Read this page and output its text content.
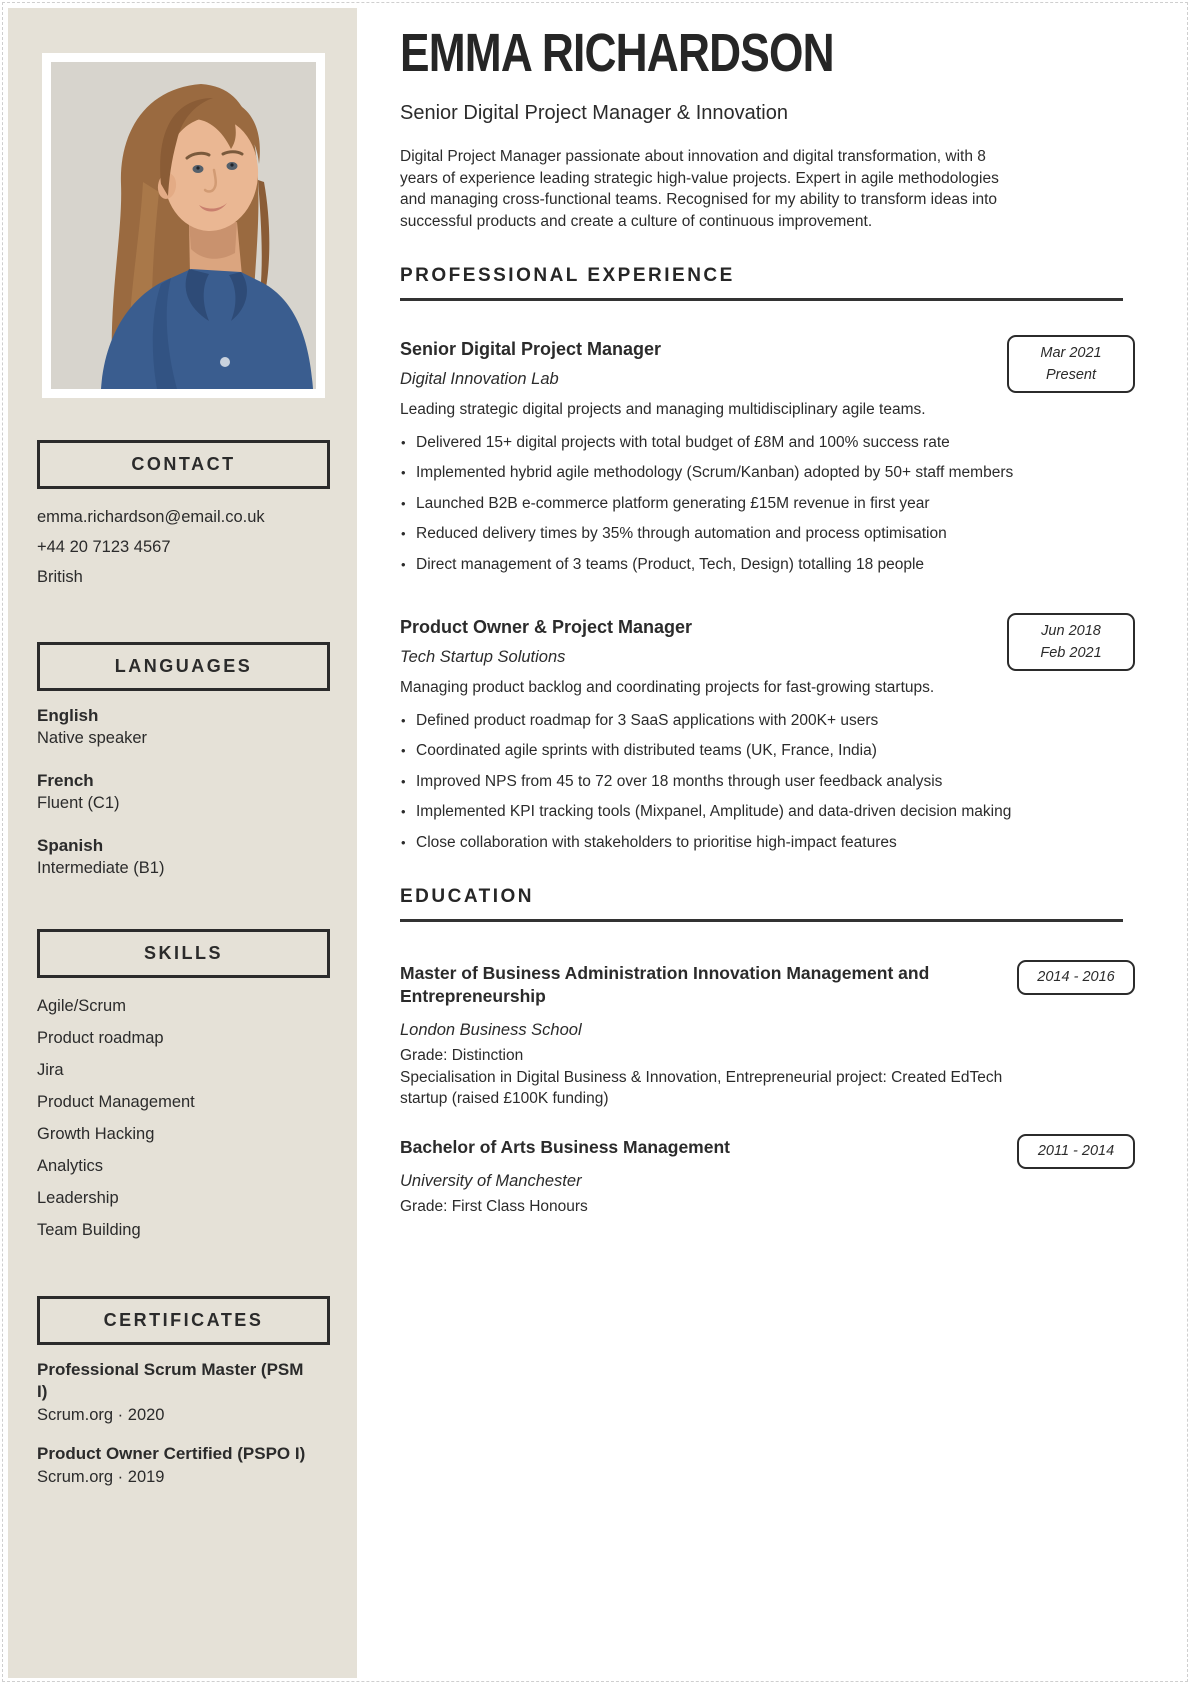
CONTACT
emma.richardson@email.co.uk
+44 20 7123 4567
British
LANGUAGES
English
Native speaker
French
Fluent (C1)
Spanish
Intermediate (B1)
SKILLS
Agile/Scrum
Product roadmap
Jira
Product Management
Growth Hacking
Analytics
Leadership
Team Building
CERTIFICATES
Professional Scrum Master (PSM I)
Scrum.org · 2020
Product Owner Certified (PSPO I)
Scrum.org · 2019
EMMA RICHARDSON
Senior Digital Project Manager & Innovation

Digital Project Manager passionate about innovation and digital transformation, with 8 years of experience leading strategic high-value projects. Expert in agile methodologies and managing cross-functional teams. Recognised for my ability to transform ideas into successful products and create a culture of continuous improvement.

PROFESSIONAL EXPERIENCE
Mar 2021
Present
Senior Digital Project Manager
Digital Innovation Lab

Leading strategic digital projects and managing multidisciplinary agile teams.

• Delivered 15+ digital projects with total budget of £8M and 100% success rate
• Implemented hybrid agile methodology (Scrum/Kanban) adopted by 50+ staff members
• Launched B2B e-commerce platform generating £15M revenue in first year
• Reduced delivery times by 35% through automation and process optimisation
• Direct management of 3 teams (Product, Tech, Design) totalling 18 people
Jun 2018
Feb 2021
Product Owner & Project Manager
Tech Startup Solutions

Managing product backlog and coordinating projects for fast-growing startups.

• Defined product roadmap for 3 SaaS applications with 200K+ users
• Coordinated agile sprints with distributed teams (UK, France, India)
• Improved NPS from 45 to 72 over 18 months through user feedback analysis
• Implemented KPI tracking tools (Mixpanel, Amplitude) and data-driven decision making
• Close collaboration with stakeholders to prioritise high-impact features
EDUCATION
2014 - 2016
Master of Business Administration Innovation Management and Entrepreneurship
London Business School
Grade: Distinction
Specialisation in Digital Business & Innovation, Entrepreneurial project: Created EdTech startup (raised £100K funding)
2011 - 2014
Bachelor of Arts Business Management
University of Manchester
Grade: First Class Honours
